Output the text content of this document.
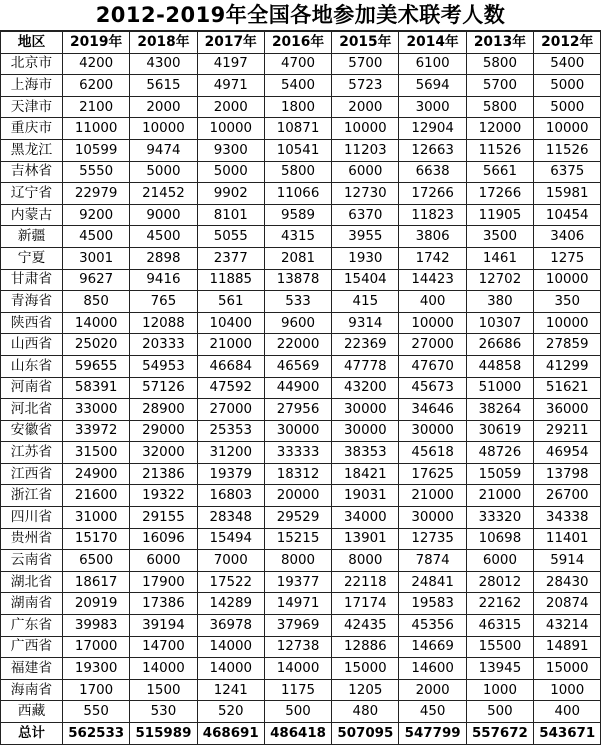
2012-2019年全国各地参加美术联考人数
地区	2019年	2018年	2017年	2016年	2015年	2014年	2013年	2012年
北京市	4200	4300	4197	4700	5700	6100	5800	5400
上海市	6200	5615	4971	5400	5723	5694	5700	5000
天津市	2100	2000	2000	1800	2000	3000	5800	5000
重庆市	11000	10000	10000	10871	10000	12904	12000	10000
黑龙江	10599	9474	9300	10541	11203	12663	11526	11526
吉林省	5550	5000	5000	5800	6000	6638	5661	6375
辽宁省	22979	21452	9902	11066	12730	17266	17266	15981
内蒙古	9200	9000	8101	9589	6370	11823	11905	10454
新疆	4500	4500	5055	4315	3955	3806	3500	3406
宁夏	3001	2898	2377	2081	1930	1742	1461	1275
甘肃省	9627	9416	11885	13878	15404	14423	12702	10000
青海省	850	765	561	533	415	400	380	350
陕西省	14000	12088	10400	9600	9314	10000	10307	10000
山西省	25020	20333	21000	22000	22369	27000	26686	27859
山东省	59655	54953	46684	46569	47778	47670	44858	41299
河南省	58391	57126	47592	44900	43200	45673	51000	51621
河北省	33000	28900	27000	27956	30000	34646	38264	36000
安徽省	33972	29000	25353	30000	30000	30000	30619	29211
江苏省	31500	32000	31200	33333	38353	45618	48726	46954
江西省	24900	21386	19379	18312	18421	17625	15059	13798
浙江省	21600	19322	16803	20000	19031	21000	21000	26700
四川省	31000	29155	28348	29529	34000	30000	33320	34338
贵州省	15170	16096	15494	15215	13901	12735	10698	11401
云南省	6500	6000	7000	8000	8000	7874	6000	5914
湖北省	18617	17900	17522	19377	22118	24841	28012	28430
湖南省	20919	17386	14289	14971	17174	19583	22162	20874
广东省	39983	39194	36978	37969	42435	45356	46315	43214
广西省	17000	14700	14000	12738	12886	14669	15500	14891
福建省	19300	14000	14000	14000	15000	14600	13945	15000
海南省	1700	1500	1241	1175	1205	2000	1000	1000
西藏	550	530	520	500	480	450	500	400
总计	562533	515989	468691	486418	507095	547799	557672	543671
